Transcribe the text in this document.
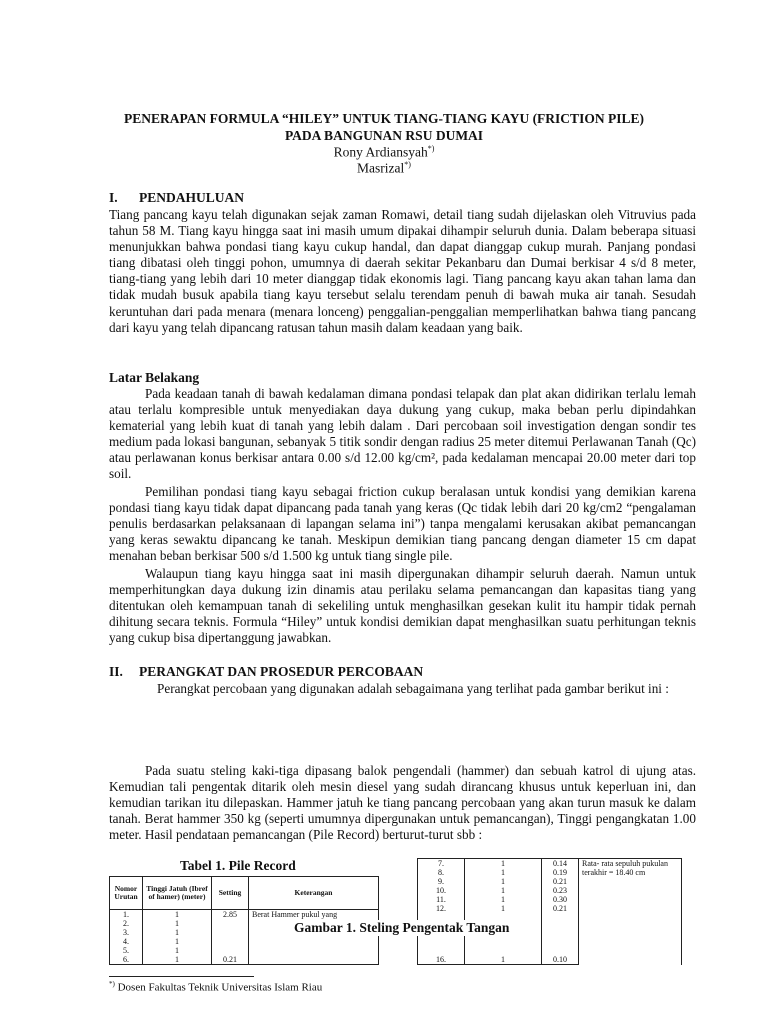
PENERAPAN FORMULA “HILEY” UNTUK TIANG-TIANG KAYU (FRICTION PILE)
PADA BANGUNAN RSU DUMAI
Rony Ardiansyah*)
Masrizal*)
I. PENDAHULUAN

Tiang pancang kayu telah digunakan sejak zaman Romawi, detail tiang sudah dijelaskan oleh Vitruvius pada tahun 58 M. Tiang kayu hingga saat ini masih umum dipakai dihampir seluruh dunia. Dalam beberapa situasi menunjukkan bahwa pondasi tiang kayu cukup handal, dan dapat dianggap cukup murah. Panjang pondasi tiang dibatasi oleh tinggi pohon, umumnya di daerah sekitar Pekanbaru dan Dumai berkisar 4 s/d 8 meter, tiang-tiang yang lebih dari 10 meter dianggap tidak ekonomis lagi. Tiang pancang kayu akan tahan lama dan tidak mudah busuk apabila tiang kayu tersebut selalu terendam penuh di bawah muka air tanah. Sesudah keruntuhan dari pada menara (menara lonceng) penggalian-penggalian memperlihatkan bahwa tiang pancang dari kayu yang telah dipancang ratusan tahun masih dalam keadaan yang baik.

Latar Belakang

Pada keadaan tanah di bawah kedalaman dimana pondasi telapak dan plat akan didirikan terlalu lemah atau terlalu kompresible untuk menyediakan daya dukung yang cukup, maka beban perlu dipindahkan kematerial yang lebih kuat di tanah yang lebih dalam . Dari percobaan soil investigation dengan sondir tes medium pada lokasi bangunan, sebanyak 5 titik sondir dengan radius 25 meter ditemui Perlawanan Tanah (Qc) atau perlawanan konus berkisar antara 0.00 s/d 12.00 kg/cm², pada kedalaman mencapai 20.00 meter dari top soil.

Pemilihan pondasi tiang kayu sebagai friction cukup beralasan untuk kondisi yang demikian karena pondasi tiang kayu tidak dapat dipancang pada tanah yang keras (Qc tidak lebih dari 20 kg/cm2 “pengalaman penulis berdasarkan pelaksanaan di lapangan selama ini”) tanpa mengalami kerusakan akibat pemancangan yang keras sewaktu dipancang ke tanah. Meskipun demikian tiang pancang dengan diameter 15 cm dapat menahan beban berkisar 500 s/d 1.500 kg untuk tiang single pile.

Walaupun tiang kayu hingga saat ini masih dipergunakan dihampir seluruh daerah. Namun untuk memperhitungkan daya dukung izin dinamis atau perilaku selama pemancangan dan kapasitas tiang yang ditentukan oleh kemampuan tanah di sekeliling untuk menghasilkan gesekan kulit itu hampir tidak pernah dihitung secara teknis. Formula “Hiley” untuk kondisi demikian dapat menghasilkan suatu perhitungan teknis yang cukup bisa dipertanggung jawabkan.

II. PERANGKAT DAN PROSEDUR PERCOBAAN

Perangkat percobaan yang digunakan adalah sebagaimana yang terlihat pada gambar berikut ini :

Pada suatu steling kaki-tiga dipasang balok pengendali (hammer) dan sebuah katrol di ujung atas. Kemudian tali pengentak ditarik oleh mesin diesel yang sudah dirancang khusus untuk keperluan ini, dan kemudian tarikan itu dilepaskan. Hammer jatuh ke tiang pancang percobaan yang akan turun masuk ke dalam tanah. Berat hammer 350 kg (seperti umumnya dipergunakan untuk pemancangan), Tinggi pengangkatan 1.00 meter. Hasil pendataan pemancangan (Pile Record) berturut-turut sbb :

Tabel 1. Pile Record
Nomor Urutan	Tinggi Jatuh (Ibref of hamer) (meter)	Setting	Keterangan
1.	1	2.85	Berat Hammer pukul yang
2.	1		
3.	1		
4.	1		
5.	1		
6.	1	0.21	
7.	1	0.14	Rata- rata sepuluh pukulan terakhir = 18.40 cm
8.	1	0.19	
9.	1	0.21	
10.	1	0.23	
11.	1	0.30	
12.	1	0.21	

16.	1	0.10	
Gambar 1. Steling Pengentak Tangan
*) Dosen Fakultas Teknik Universitas Islam Riau
